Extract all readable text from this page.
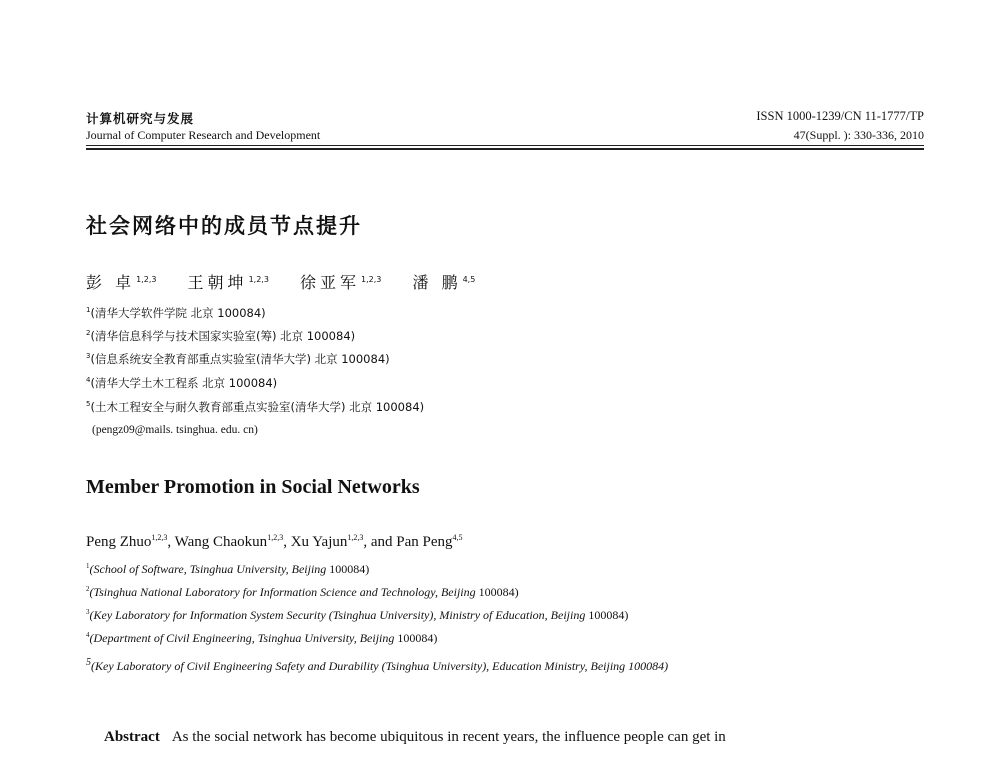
计算机研究与发展
Journal of Computer Research and Development
ISSN 1000-1239/CN 11-1777/TP
47(Suppl. ): 330-336, 2010
社会网络中的成员节点提升
彭 卓$^{1,2,3}$ 王朝坤$^{1,2,3}$ 徐亚军$^{1,2,3}$ 潘 鹏$^{4,5}$
$^1$(清华大学软件学院 北京 100084)
$^2$(清华信息科学与技术国家实验室(筹) 北京 100084)
$^3$(信息系统安全教育部重点实验室(清华大学) 北京 100084)
$^4$(清华大学土木工程系 北京 100084)
$^5$(土木工程安全与耐久教育部重点实验室(清华大学) 北京 100084)
(pengz09@mails. tsinghua. edu. cn)
Member Promotion in Social Networks
Peng Zhuo$^{1,2,3}$, Wang Chaokun$^{1,2,3}$, Xu Yajun$^{1,2,3}$, and Pan Peng$^{4,5}$
$^1$(School of Software, Tsinghua University, Beijing 100084)
$^2$(Tsinghua National Laboratory for Information Science and Technology, Beijing 100084)
$^3$(Key Laboratory for Information System Security (Tsinghua University), Ministry of Education, Beijing 100084)
$^4$(Department of Civil Engineering, Tsinghua University, Beijing 100084)
$^5$(Key Laboratory of Civil Engineering Safety and Durability (Tsinghua University), Education Ministry, Beijing 100084)
Abstract As the social network has become ubiquitous in recent years, the influence people can get in
